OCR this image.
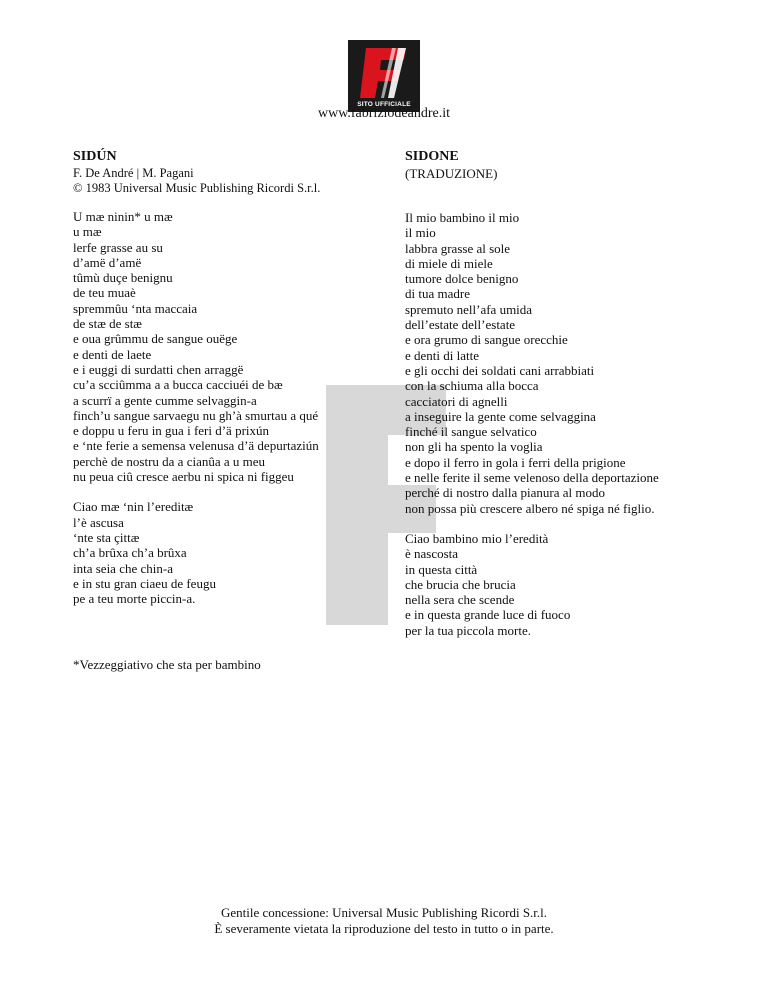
SITO UFFICIALE
www.fabriziodeandre.it
SIDÚN
F. De André | M. Pagani
© 1983 Universal Music Publishing Ricordi S.r.l.
U mæ ninin* u mæ
u mæ
lerfe grasse au su
d’amë d’amë
tûmù duçe benignu
de teu muaè
spremmûu ‘nta maccaia
de stæ de stæ
e oua grûmmu de sangue ouëge
e denti de laete
e i euggi di surdatti chen arraggë
cu’a scciûmma a a bucca cacciuéi de bæ
a scurrï a gente cumme selvaggin-a
finch’u sangue sarvaegu nu gh’à smurtau a qué
e doppu u feru in gua i feri d’ä prixún
e ‘nte ferie a semensa velenusa d’ä depurtaziún
perchè de nostru da a cianûa a u meu
nu peua ciû cresce aerbu ni spica ni figgeu
Ciao mæ ‘nin l’ereditæ
l’è ascusa
‘nte sta çittæ
ch’a brûxa ch’a brûxa
inta seia che chin-a
e in stu gran ciaeu de feugu
pe a teu morte piccin-a.
SIDONE
(TRADUZIONE)
Il mio bambino il mio
il mio
labbra grasse al sole
di miele di miele
tumore dolce benigno
di tua madre
spremuto nell’afa umida
dell’estate dell’estate
e ora grumo di sangue orecchie
e denti di latte
e gli occhi dei soldati cani arrabbiati
con la schiuma alla bocca
cacciatori di agnelli
a inseguire la gente come selvaggina
finché il sangue selvatico
non gli ha spento la voglia
e dopo il ferro in gola i ferri della prigione
e nelle ferite il seme velenoso della deportazione
perché di nostro dalla pianura al modo
non possa più crescere albero né spiga né figlio.
Ciao bambino mio l’eredità
è nascosta
in questa città
che brucia che brucia
nella sera che scende
e in questa grande luce di fuoco
per la tua piccola morte.
*Vezzeggiativo che sta per bambino
Gentile concessione: Universal Music Publishing Ricordi S.r.l.
È severamente vietata la riproduzione del testo in tutto o in parte.
